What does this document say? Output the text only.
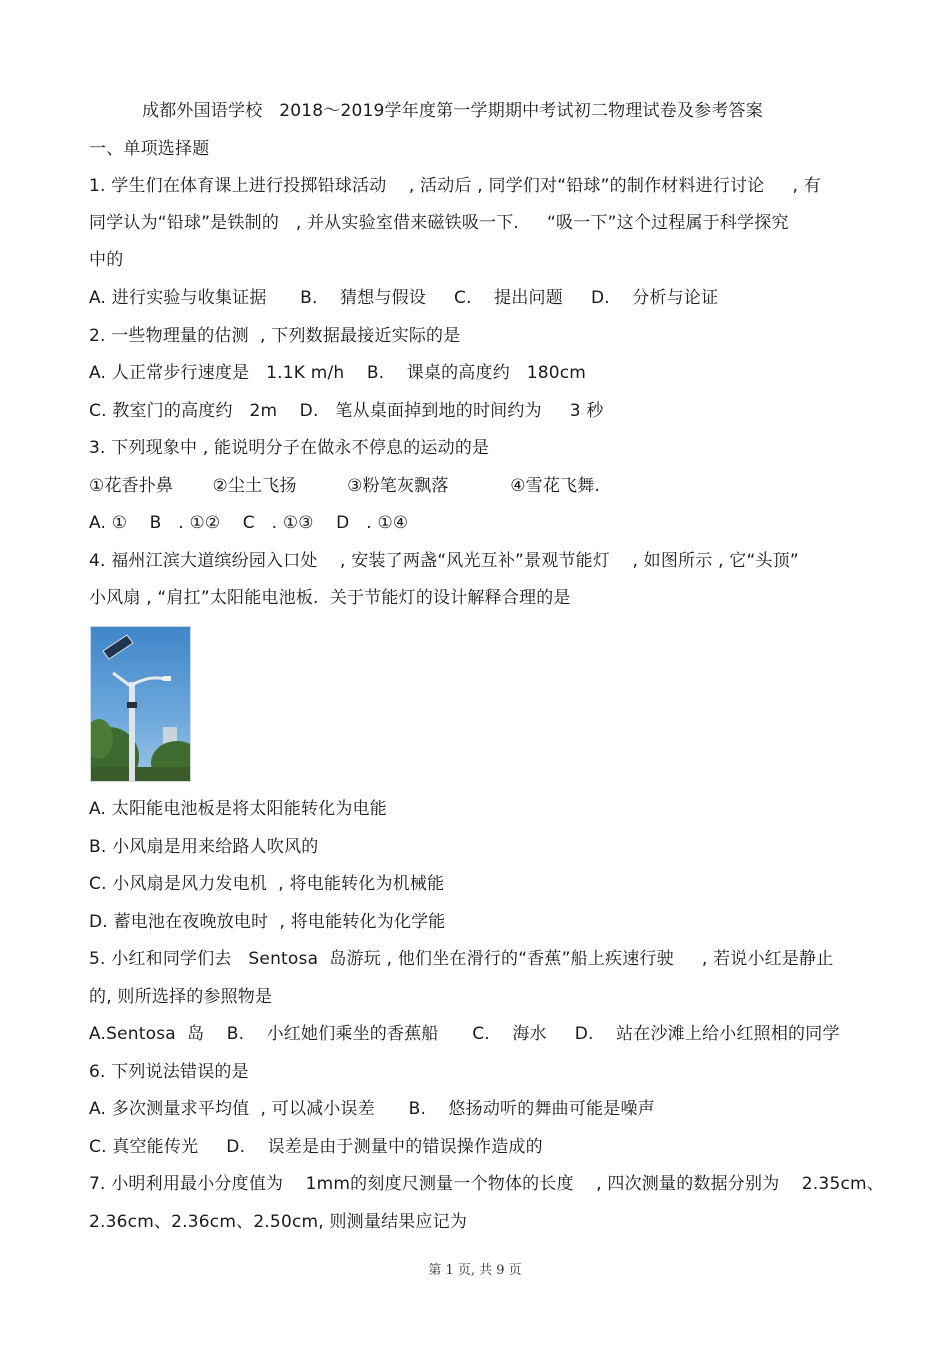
成都外国语学校   2018～2019学年度第一学期期中考试初二物理试卷及参考答案
一、单项选择题
1. 学生们在体育课上进行投掷铅球活动    , 活动后 , 同学们对“铅球”的制作材料进行讨论     , 有
同学认为“铅球”是铁制的   , 并从实验室借来磁铁吸一下.     “吸一下”这个过程属于科学探究
中的
A. 进行实验与收集证据      B.    猜想与假设     C.    提出问题     D.    分析与论证
2. 一些物理量的估测  , 下列数据最接近实际的是
A. 人正常步行速度是   1.1K m/h    B.    课桌的高度约   180cm
C. 教室门的高度约   2m    D.   笔从桌面掉到地的时间约为     3 秒
3. 下列现象中 , 能说明分子在做永不停息的运动的是
①花香扑鼻       ②尘土飞扬         ③粉笔灰飘落           ④雪花飞舞.
A. ①    B   . ①②    C   . ①③    D   . ①④
4. 福州江滨大道缤纷园入口处    , 安装了两盏“风光互补”景观节能灯    , 如图所示 , 它“头顶”
小风扇 , “肩扛”太阳能电池板.  关于节能灯的设计解释合理的是
A. 太阳能电池板是将太阳能转化为电能
B. 小风扇是用来给路人吹风的
C. 小风扇是风力发电机  , 将电能转化为机械能
D. 蓄电池在夜晚放电时  , 将电能转化为化学能
5. 小红和同学们去   Sentosa  岛游玩 , 他们坐在滑行的“香蕉”船上疾速行驶     , 若说小红是静止
的, 则所选择的参照物是
A.Sentosa  岛    B.    小红她们乘坐的香蕉船      C.    海水     D.    站在沙滩上给小红照相的同学
6. 下列说法错误的是
A. 多次测量求平均值  , 可以减小误差      B.    悠扬动听的舞曲可能是噪声
C. 真空能传光     D.    误差是由于测量中的错误操作造成的
7. 小明利用最小分度值为    1mm的刻度尺测量一个物体的长度    , 四次测量的数据分别为    2.35cm、
2.36cm、2.36cm、2.50cm, 则测量结果应记为
第 1 页, 共 9 页
